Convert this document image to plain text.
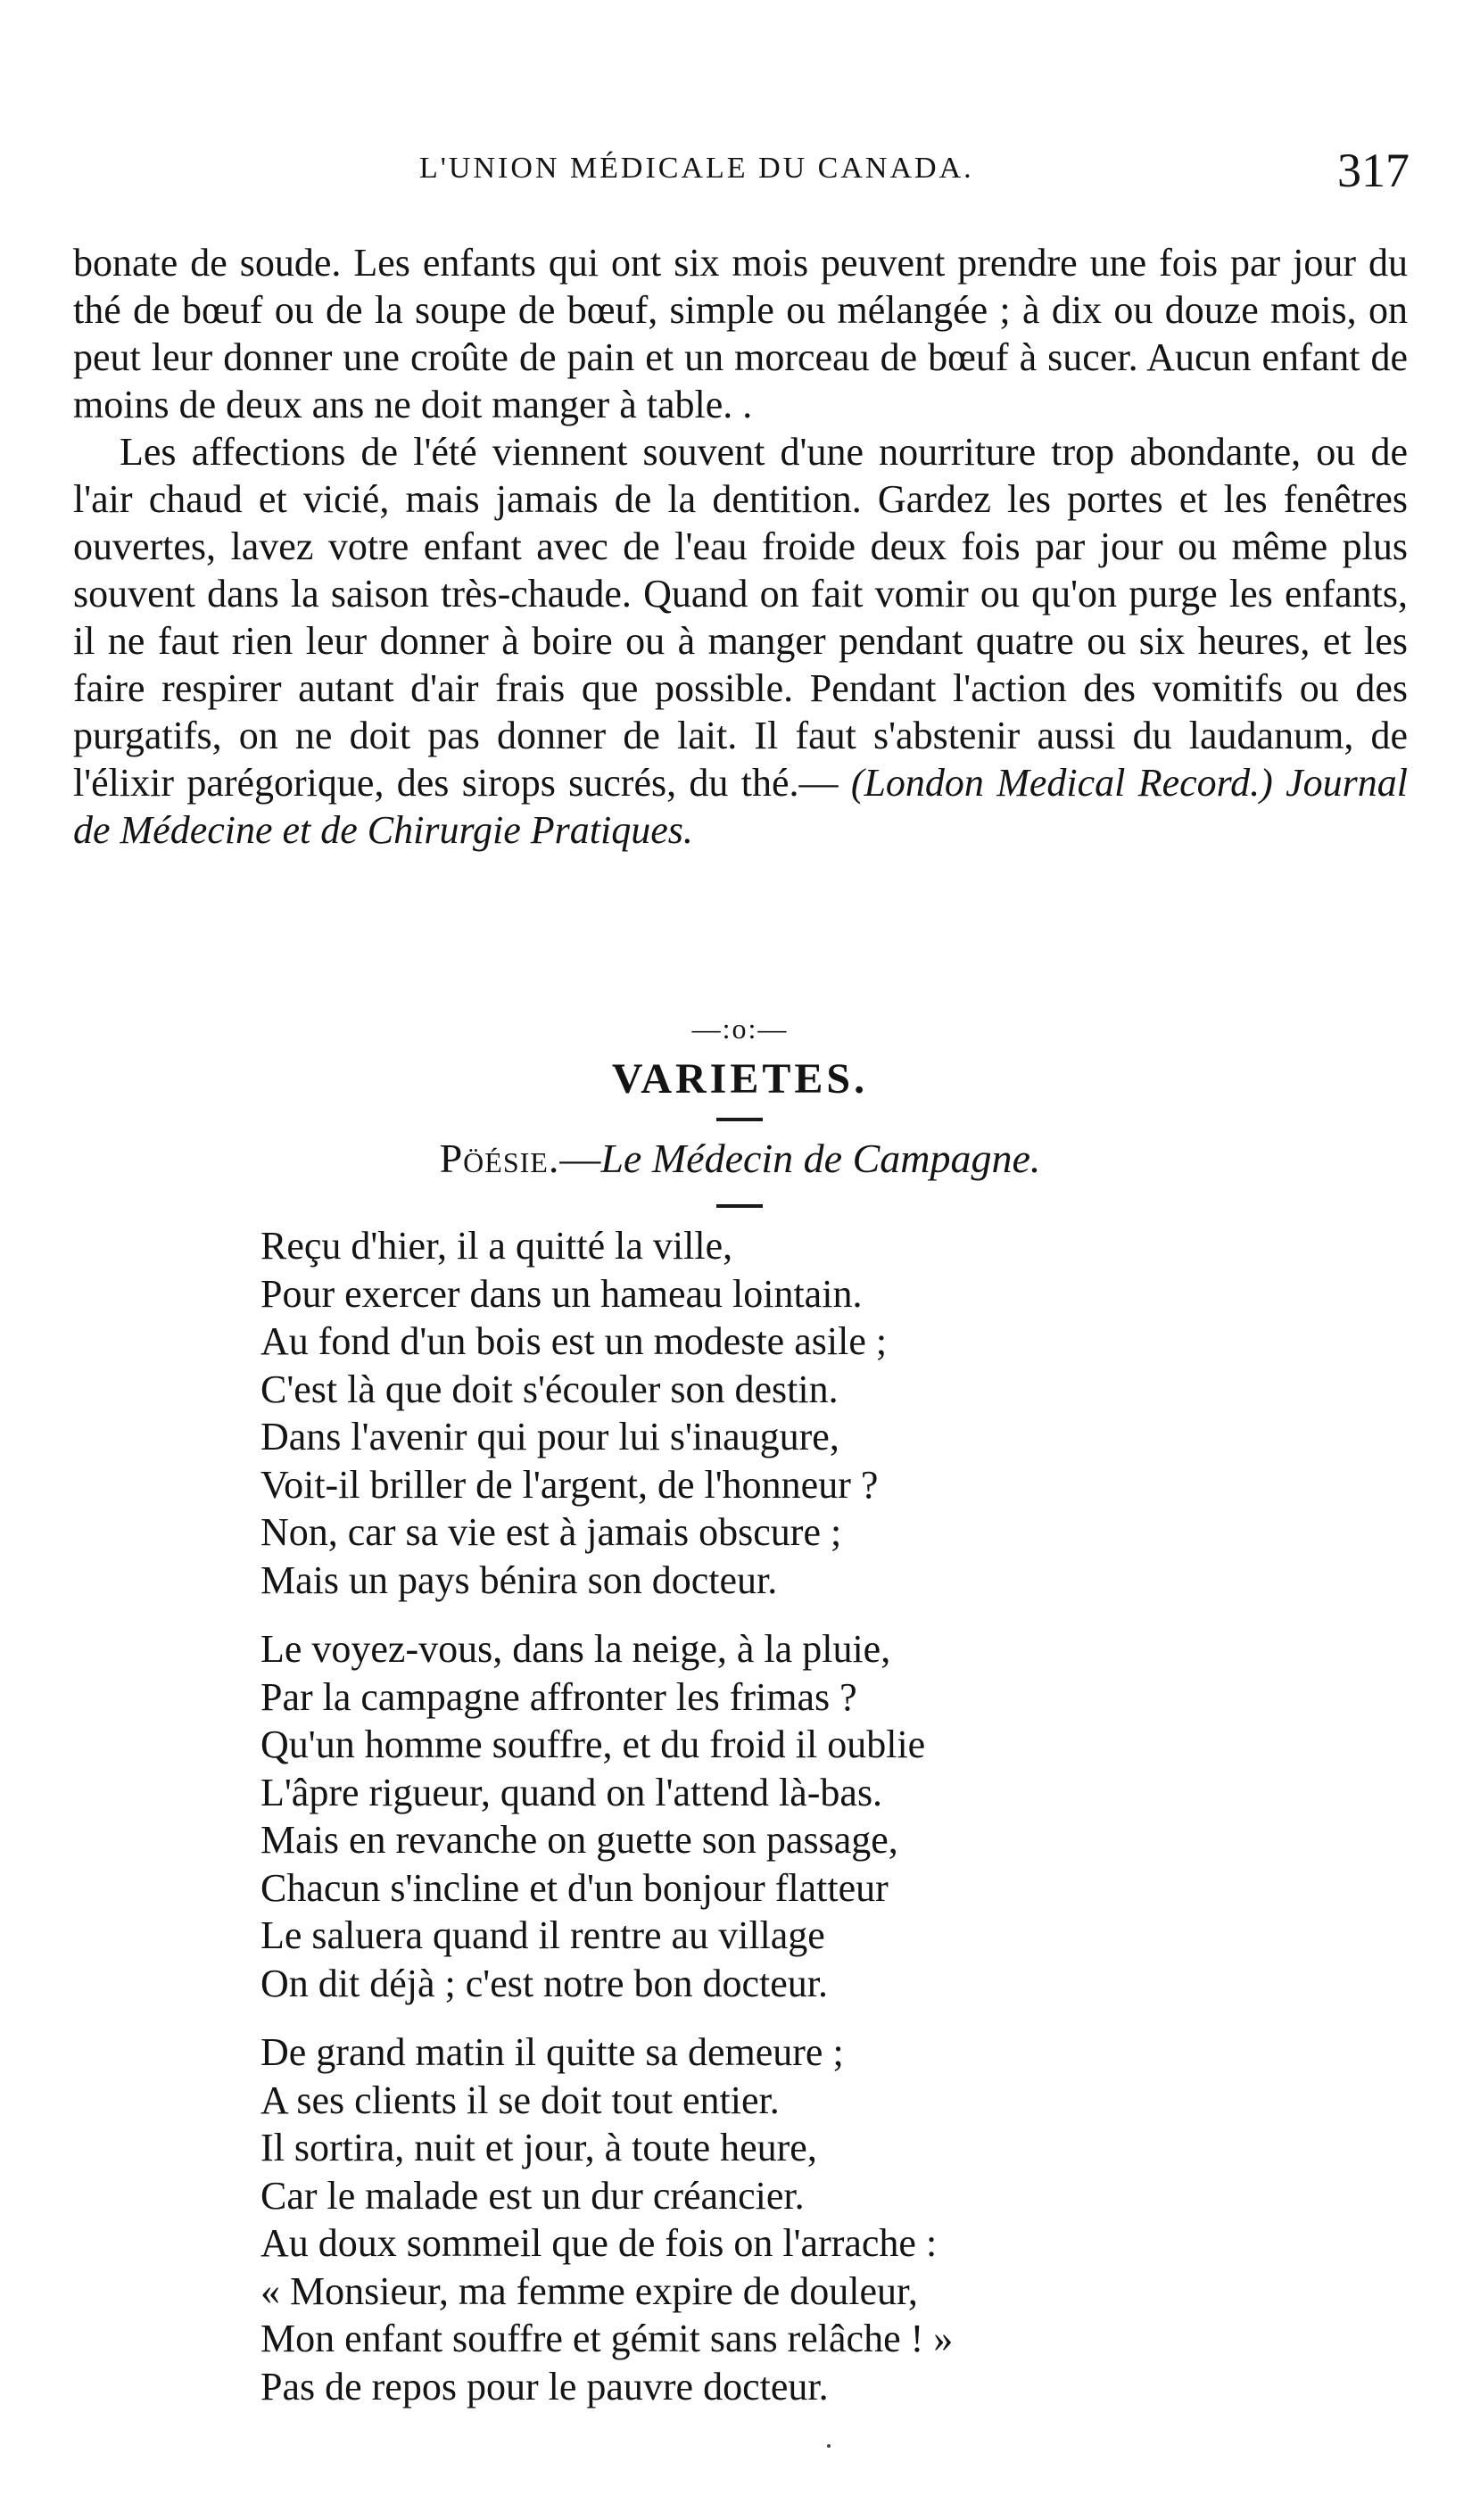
L'UNION MÉDICALE DU CANADA.	317

bonate de soude. Les enfants qui ont six mois peuvent prendre une fois par jour du thé de bœuf ou de la soupe de bœuf, simple ou mélangée ; à dix ou douze mois, on peut leur donner une croûte de pain et un morceau de bœuf à sucer. Aucun enfant de moins de deux ans ne doit manger à table. .

Les affections de l'été viennent souvent d'une nourriture trop abondante, ou de l'air chaud et vicié, mais jamais de la dentition. Gardez les portes et les fenêtres ouvertes, lavez votre enfant avec de l'eau froide deux fois par jour ou même plus souvent dans la saison très-chaude. Quand on fait vomir ou qu'on purge les enfants, il ne faut rien leur donner à boire ou à manger pendant quatre ou six heures, et les faire respirer autant d'air frais que possible. Pendant l'action des vomitifs ou des purgatifs, on ne doit pas donner de lait. Il faut s'abstenir aussi du laudanum, de l'élixir parégorique, des sirops sucrés, du thé.— (London Medical Record.) Journal de Médecine et de Chirurgie Pratiques.

—:o:—
VARIETES.
Pöésie.—Le Médecin de Campagne.
Reçu d'hier, il a quitté la ville,
Pour exercer dans un hameau lointain.
Au fond d'un bois est un modeste asile ;
C'est là que doit s'écouler son destin.
Dans l'avenir qui pour lui s'inaugure,
Voit-il briller de l'argent, de l'honneur ?
Non, car sa vie est à jamais obscure ;
Mais un pays bénira son docteur.
Le voyez-vous, dans la neige, à la pluie,
Par la campagne affronter les frimas ?
Qu'un homme souffre, et du froid il oublie
L'âpre rigueur, quand on l'attend là-bas.
Mais en revanche on guette son passage,
Chacun s'incline et d'un bonjour flatteur
Le saluera quand il rentre au village
On dit déjà ; c'est notre bon docteur.
De grand matin il quitte sa demeure ;
A ses clients il se doit tout entier.
Il sortira, nuit et jour, à toute heure,
Car le malade est un dur créancier.
Au doux sommeil que de fois on l'arrache :
« Monsieur, ma femme expire de douleur,
Mon enfant souffre et gémit sans relâche ! »
Pas de repos pour le pauvre docteur.
